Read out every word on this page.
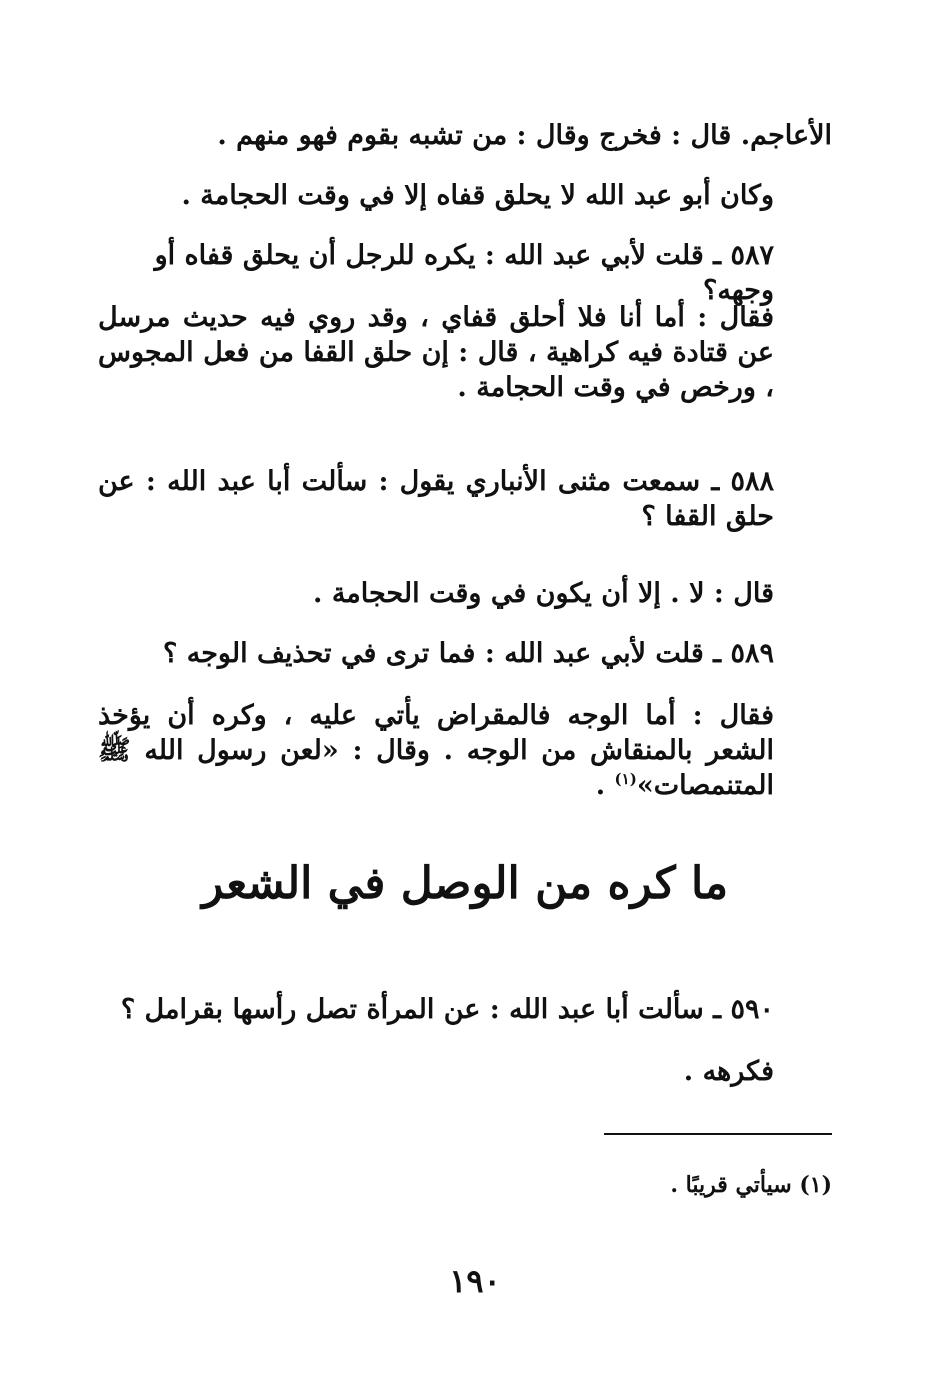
الأعاجم. قال : فخرج وقال : من تشبه بقوم فهو منهم .

وكان أبو عبد الله لا يحلق قفاه إلا في وقت الحجامة .

٥٨٧ ـ قلت لأبي عبد الله : يكره للرجل أن يحلق قفاه أو وجهه؟

فقال : أما أنا فلا أحلق قفاي ، وقد روي فيه حديث مرسل عن قتادة فيه كراهية ، قال : إن حلق القفا من فعل المجوس ، ورخص في وقت الحجامة .

٥٨٨ ـ سمعت مثنى الأنباري يقول : سألت أبا عبد الله : عن حلق القفا ؟

قال : لا . إلا أن يكون في وقت الحجامة .

٥٨٩ ـ قلت لأبي عبد الله : فما ترى في تحذيف الوجه ؟

فقال : أما الوجه فالمقراض يأتي عليه ، وكره أن يؤخذ الشعر بالمنقاش من الوجه . وقال : «لعن رسول الله ﷺ المتنمصات»$^{(١)}$ .

ما كره من الوصل في الشعر

٥٩٠ ـ سألت أبا عبد الله : عن المرأة تصل رأسها بقرامل ؟

فكرهه .

(١) سيأتي قريبًا .
١٩٠
